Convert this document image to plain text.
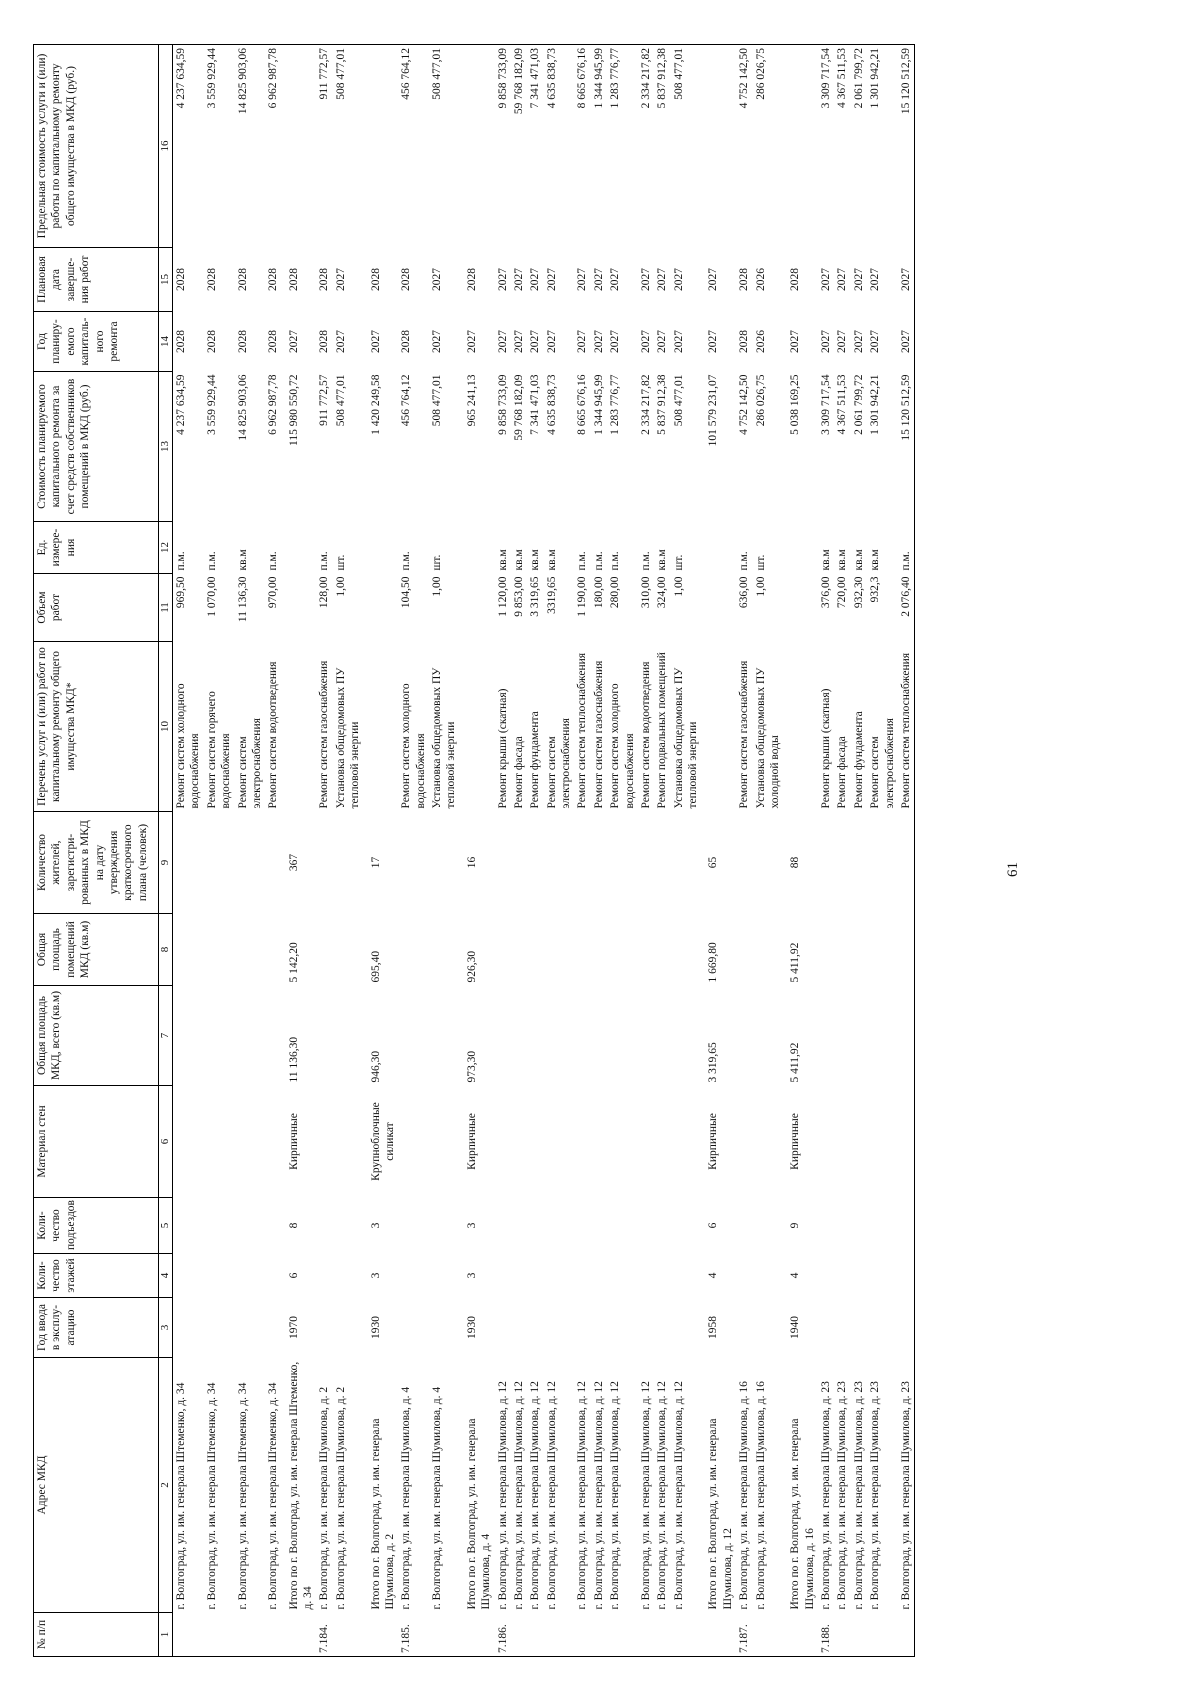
61
№ п/п	Адрес МКД	Год ввода в эксплу-атацию	Коли-чество этажей	Коли-чество подъездов	Материал стен	Общая площадь МКД, всего (кв.м)	Общая площадь помещений МКД (кв.м)	Количество жителей, зарегистри-рованных в МКД на дату утверждения краткосрочного плана (человек)	Перечень услуг и (или) работ по капитальному ремонту общего имущества МКД*	Объем работ	Ед. измере-ния	Стоимость планируемого капитального ремонта за счет средств собственников помещений в МКД (руб.)	Год планиру-емого капиталь-ного ремонта	Плановая дата заверше-ния работ	Предельная стоимость услуги и (или) работы по капитальному ремонту общего имущества в МКД (руб.)
1	2	3	4	5	6	7	8	9	10	11	12	13	14	15	16
	г. Волгоград, ул. им. генерала Штеменко, д. 34								Ремонт систем холодного водоснабжения	969,50	п.м.	4 237 634,59	2028	2028	4 237 634,59
	г. Волгоград, ул. им. генерала Штеменко, д. 34								Ремонт систем горячего водоснабжения	1 070,00	п.м.	3 559 929,44	2028	2028	3 559 929,44
	г. Волгоград, ул. им. генерала Штеменко, д. 34								Ремонт систем электроснабжения	11 136,30	кв.м	14 825 903,06	2028	2028	14 825 903,06
	г. Волгоград, ул. им. генерала Штеменко, д. 34								Ремонт систем водоотведения	970,00	п.м.	6 962 987,78	2028	2028	6 962 987,78
	Итого по г. Волгоград, ул. им. генерала Штеменко, д. 34	1970	6	8	Кирпичные	11 136,30	5 142,20	367				115 980 550,72	2027	2028	
7.184.	г. Волгоград, ул. им. генерала Шумилова, д. 2								Ремонт систем газоснабжения	128,00	п.м.	911 772,57	2028	2028	911 772,57
	г. Волгоград, ул. им. генерала Шумилова, д. 2								Установка общедомовых ПУ тепловой энергии	1,00	шт.	508 477,01	2027	2027	508 477,01
	Итого по г. Волгоград, ул. им. генерала Шумилова, д. 2	1930	3	3	Крупноблочные силикат	946,30	695,40	17				1 420 249,58	2027	2028	
7.185.	г. Волгоград, ул. им. генерала Шумилова, д. 4								Ремонт систем холодного водоснабжения	104,50	п.м.	456 764,12	2028	2028	456 764,12
	г. Волгоград, ул. им. генерала Шумилова, д. 4								Установка общедомовых ПУ тепловой энергии	1,00	шт.	508 477,01	2027	2027	508 477,01
	Итого по г. Волгоград, ул. им. генерала Шумилова, д. 4	1930	3	3	Кирпичные	973,30	926,30	16				965 241,13	2027	2028	
7.186.	г. Волгоград, ул. им. генерала Шумилова, д. 12								Ремонт крыши (скатная)	1 120,00	кв.м	9 858 733,09	2027	2027	9 858 733,09
	г. Волгоград, ул. им. генерала Шумилова, д. 12								Ремонт фасада	9 853,00	кв.м	59 768 182,09	2027	2027	59 768 182,09
	г. Волгоград, ул. им. генерала Шумилова, д. 12								Ремонт фундамента	3 319,65	кв.м	7 341 471,03	2027	2027	7 341 471,03
	г. Волгоград, ул. им. генерала Шумилова, д. 12								Ремонт систем электроснабжения	3319,65	кв.м	4 635 838,73	2027	2027	4 635 838,73
	г. Волгоград, ул. им. генерала Шумилова, д. 12								Ремонт систем теплоснабжения	1 190,00	п.м.	8 665 676,16	2027	2027	8 665 676,16
	г. Волгоград, ул. им. генерала Шумилова, д. 12								Ремонт систем газоснабжения	180,00	п.м.	1 344 945,99	2027	2027	1 344 945,99
	г. Волгоград, ул. им. генерала Шумилова, д. 12								Ремонт систем холодного водоснабжения	280,00	п.м.	1 283 776,77	2027	2027	1 283 776,77
	г. Волгоград, ул. им. генерала Шумилова, д. 12								Ремонт систем водоотведения	310,00	п.м.	2 334 217,82	2027	2027	2 334 217,82
	г. Волгоград, ул. им. генерала Шумилова, д. 12								Ремонт подвальных помещений	324,00	кв.м	5 837 912,38	2027	2027	5 837 912,38
	г. Волгоград, ул. им. генерала Шумилова, д. 12								Установка общедомовых ПУ тепловой энергии	1,00	шт.	508 477,01	2027	2027	508 477,01
	Итого по г. Волгоград, ул. им. генерала Шумилова, д. 12	1958	4	6	Кирпичные	3 319,65	1 669,80	65				101 579 231,07	2027	2027	
7.187.	г. Волгоград, ул. им. генерала Шумилова, д. 16								Ремонт систем газоснабжения	636,00	п.м.	4 752 142,50	2028	2028	4 752 142,50
	г. Волгоград, ул. им. генерала Шумилова, д. 16								Установка общедомовых ПУ холодной воды	1,00	шт.	286 026,75	2026	2026	286 026,75
	Итого по г. Волгоград, ул. им. генерала Шумилова, д. 16	1940	4	9	Кирпичные	5 411,92	5 411,92	88				5 038 169,25	2027	2028	
7.188.	г. Волгоград, ул. им. генерала Шумилова, д. 23								Ремонт крыши (скатная)	376,00	кв.м	3 309 717,54	2027	2027	3 309 717,54
	г. Волгоград, ул. им. генерала Шумилова, д. 23								Ремонт фасада	720,00	кв.м	4 367 511,53	2027	2027	4 367 511,53
	г. Волгоград, ул. им. генерала Шумилова, д. 23								Ремонт фундамента	932,30	кв.м	2 061 799,72	2027	2027	2 061 799,72
	г. Волгоград, ул. им. генерала Шумилова, д. 23								Ремонт систем электроснабжения	932,3	кв.м	1 301 942,21	2027	2027	1 301 942,21
	г. Волгоград, ул. им. генерала Шумилова, д. 23								Ремонт систем теплоснабжения	2 076,40	п.м.	15 120 512,59	2027	2027	15 120 512,59
